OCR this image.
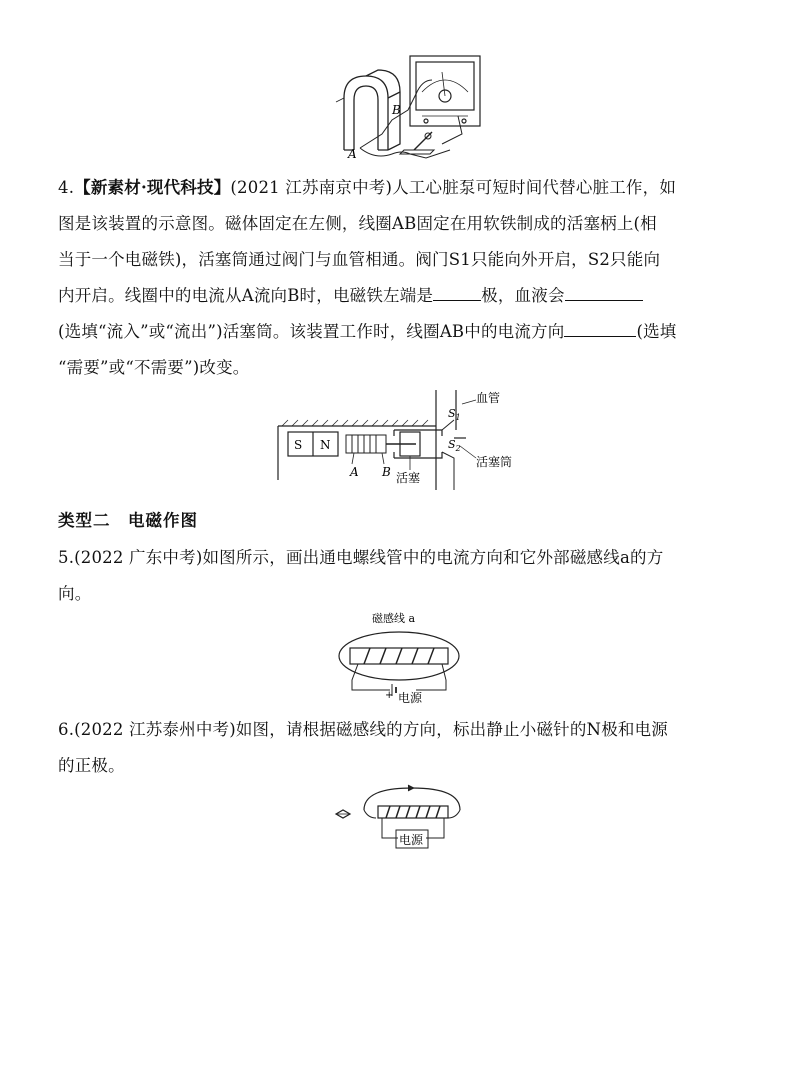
A
B
4.【新素材·现代科技】(2021 江苏南京中考)人工心脏泵可短时间代替心脏工作，如
图是该装置的示意图。磁体固定在左侧，线圈AB固定在用软铁制成的活塞柄上(相
当于一个电磁铁)，活塞筒通过阀门与血管相通。阀门S1只能向外开启，S2只能向
内开启。线圈中的电流从A流向B时，电磁铁左端是	极，血液会
(选填“流入”或“流出”)活塞筒。该装置工作时，线圈AB中的电流方向	(选填
“需要”或“不需要”)改变。
S N
A B 活塞
血管
$S_1$
$S_2$
活塞筒
类型二　电磁作图
5.(2022 广东中考)如图所示，画出通电螺线管中的电流方向和它外部磁感线a的方
向。
磁感线 a
+ 电源
6.(2022 江苏泰州中考)如图，请根据磁感线的方向，标出静止小磁针的N极和电源
的正极。
电源
